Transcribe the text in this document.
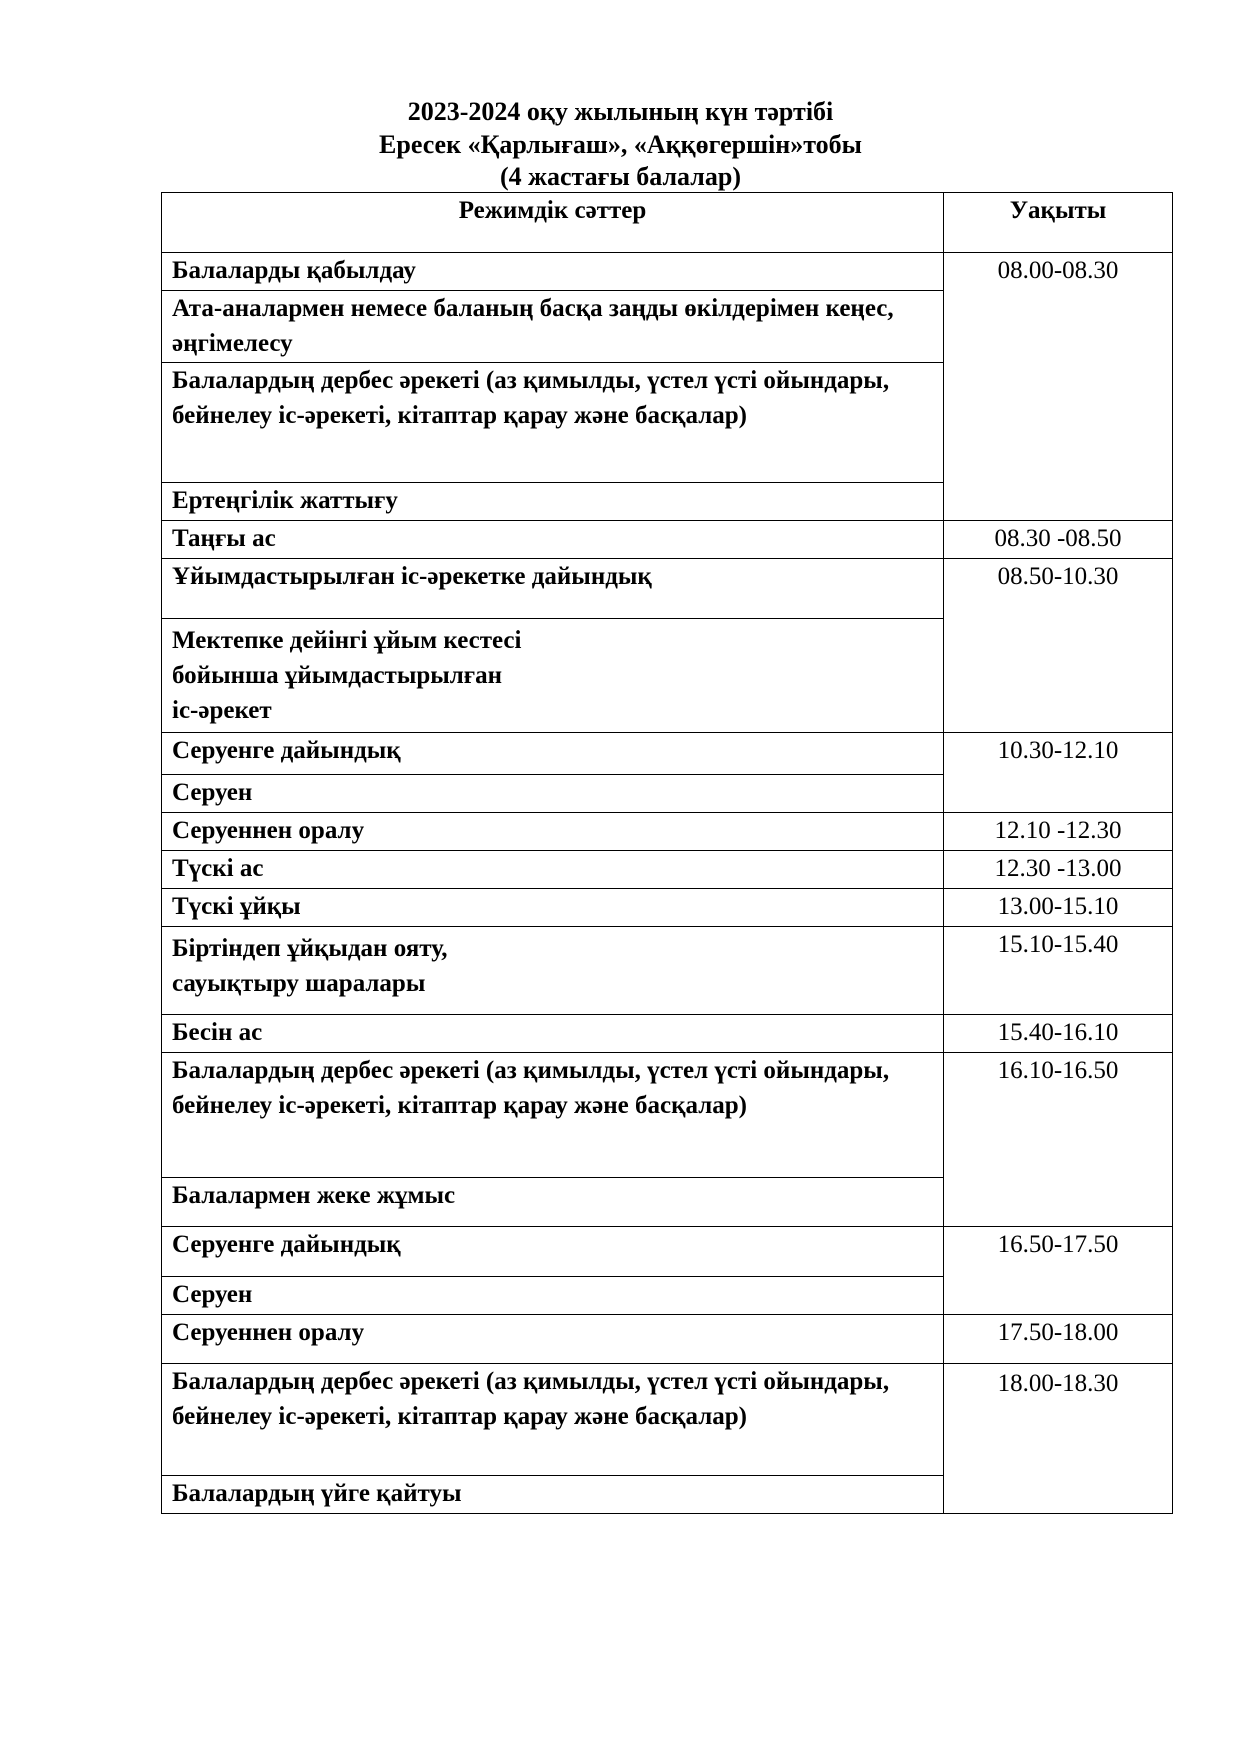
2023-2024 оқу жылының күн тәртібі
Ересек «Қарлығаш», «Аққөгершін»тобы
(4 жастағы балалар)
Режимдік сәттер	Уақыты
Балаларды қабылдау	08.00-08.30
Ата-аналармен немесе баланың басқа заңды өкілдерімен кеңес, әңгімелесу	
Балалардың дербес әрекеті (аз қимылды, үстел үсті ойындары, бейнелеу іс-әрекеті, кітаптар қарау және басқалар)	
Ертеңгілік жаттығу	
Таңғы ас	08.30 -08.50
Ұйымдастырылған іс-әрекетке дайындық	08.50-10.30

Мектепке дейінгі ұйым кестесі
бойынша ұйымдастырылған
іс-әрекет	

Серуенге дайындық	10.30-12.10
Серуен	
Серуеннен оралу	12.10 -12.30
Түскі ас	12.30 -13.00
Түскі ұйқы	13.00-15.10

Біртіндеп ұйқыдан ояту,
сауықтыру шаралары	15.10-15.40
Бесін ас	15.40-16.10
Балалардың дербес әрекеті (аз қимылды, үстел үсті ойындары, бейнелеу іс-әрекеті, кітаптар қарау және басқалар)	16.10-16.50
Балалармен жеке жұмыс	
Серуенге дайындық	16.50-17.50
Серуен	
Серуеннен оралу	17.50-18.00
Балалардың дербес әрекеті (аз қимылды, үстел үсті ойындары, бейнелеу іс-әрекеті, кітаптар қарау және басқалар)	18.00-18.30
Балалардың үйге қайтуы	
